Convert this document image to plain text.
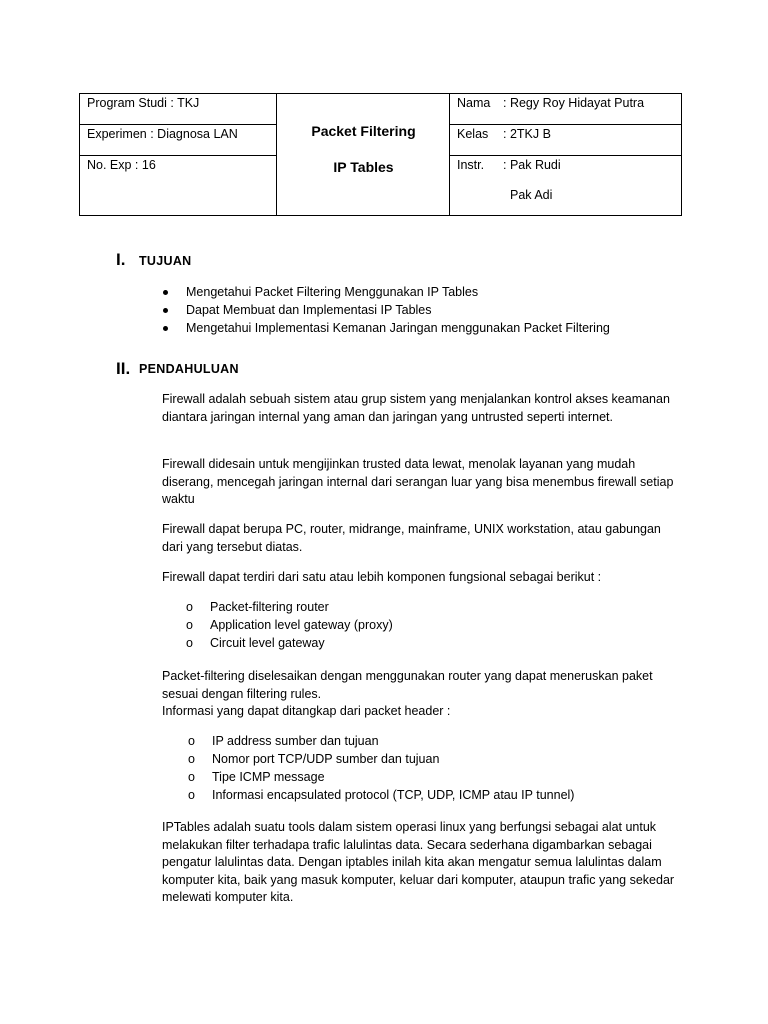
Program Studi : TKJ
Experimen : Diagnosa LAN
No. Exp : 16
Packet Filtering
IP Tables
Nama : Regy Roy Hidayat Putra
Kelas : 2TKJ B
Instr. : Pak Rudi
Pak Adi
I. TUJUAN
Mengetahui Packet Filtering Menggunakan IP Tables
Dapat Membuat dan Implementasi IP Tables
Mengetahui Implementasi Kemanan Jaringan menggunakan Packet Filtering
II. PENDAHULUAN
Firewall adalah sebuah sistem atau grup sistem yang menjalankan kontrol akses keamanan diantara jaringan internal yang aman dan jaringan yang untrusted seperti internet.
Firewall didesain untuk mengijinkan trusted data lewat, menolak layanan yang mudah diserang, mencegah jaringan internal dari serangan luar yang bisa menembus firewall setiap waktu
Firewall dapat berupa PC, router, midrange, mainframe, UNIX workstation, atau gabungan dari yang tersebut diatas.
Firewall dapat terdiri dari satu atau lebih komponen fungsional sebagai berikut :
o Packet-filtering router
o Application level gateway (proxy)
o Circuit level gateway
Packet-filtering diselesaikan dengan menggunakan router yang dapat meneruskan paket sesuai dengan filtering rules.
Informasi yang dapat ditangkap dari packet header :
o IP address sumber dan tujuan
o Nomor port TCP/UDP sumber dan tujuan
o Tipe ICMP message
o Informasi encapsulated protocol (TCP, UDP, ICMP atau IP tunnel)
IPTables adalah suatu tools dalam sistem operasi linux yang berfungsi sebagai alat untuk melakukan filter terhadapa trafic lalulintas data. Secara sederhana digambarkan sebagai pengatur lalulintas data. Dengan iptables inilah kita akan mengatur semua lalulintas dalam komputer kita, baik yang masuk komputer, keluar dari komputer, ataupun trafic yang sekedar melewati komputer kita.
